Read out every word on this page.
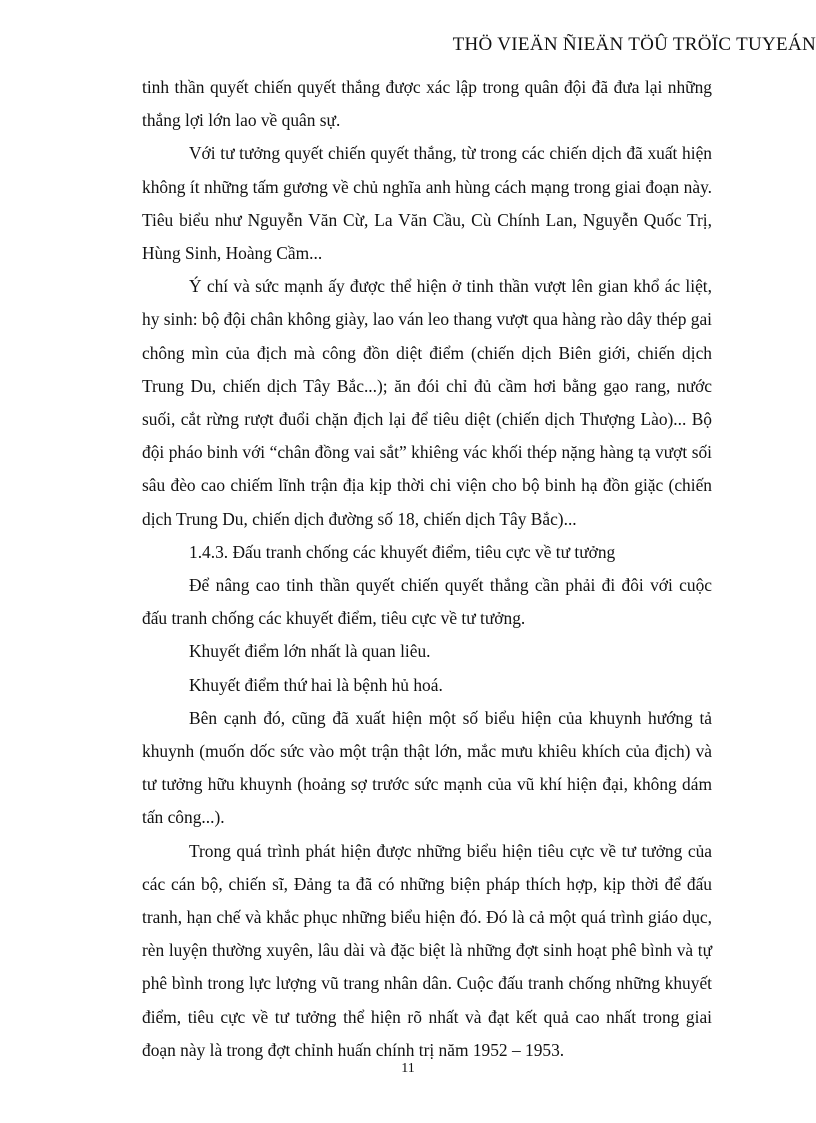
THÖ VIEÄN ÑIEÄN TÖÛ TRÖÏC TUYEÁN

tinh thần quyết chiến quyết thắng được xác lập trong quân đội đã đưa lại những thắng lợi lớn lao về quân sự.

Với tư tưởng quyết chiến quyết thắng, từ trong các chiến dịch đã xuất hiện không ít những tấm gương về chủ nghĩa anh hùng cách mạng trong giai đoạn này. Tiêu biểu như Nguyễn Văn Cừ, La Văn Cầu, Cù Chính Lan, Nguyễn Quốc Trị, Hùng Sinh, Hoàng Cầm...

Ý chí và sức mạnh ấy được thể hiện ở tinh thần vượt lên gian khổ ác liệt, hy sinh: bộ đội chân không giày, lao ván leo thang vượt qua hàng rào dây thép gai chông mìn của địch mà công đồn diệt điểm (chiến dịch Biên giới, chiến dịch Trung Du, chiến dịch Tây Bắc...); ăn đói chỉ đủ cầm hơi bằng gạo rang, nước suối, cắt rừng rượt đuổi chặn địch lại để tiêu diệt (chiến dịch Thượng Lào)... Bộ đội pháo binh với “chân đồng vai sắt” khiêng vác khối thép nặng hàng tạ vượt sối sâu đèo cao chiếm lĩnh trận địa kịp thời chi viện cho bộ binh hạ đồn giặc (chiến dịch Trung Du, chiến dịch đường số 18, chiến dịch Tây Bắc)...

1.4.3. Đấu tranh chống các khuyết điểm, tiêu cực về tư tưởng

Để nâng cao tinh thần quyết chiến quyết thắng cần phải đi đôi với cuộc đấu tranh chống các khuyết điểm, tiêu cực về tư tưởng.

Khuyết điểm lớn nhất là quan liêu.

Khuyết điểm thứ hai là bệnh hủ hoá.

Bên cạnh đó, cũng đã xuất hiện một số biểu hiện của khuynh hướng tả khuynh (muốn dốc sức vào một trận thật lớn, mắc mưu khiêu khích của địch) và tư tưởng hữu khuynh (hoảng sợ trước sức mạnh của vũ khí hiện đại, không dám tấn công...).

Trong quá trình phát hiện được những biểu hiện tiêu cực về tư tưởng của các cán bộ, chiến sĩ, Đảng ta đã có những biện pháp thích hợp, kịp thời để đấu tranh, hạn chế và khắc phục những biểu hiện đó. Đó là cả một quá trình giáo dục, rèn luyện thường xuyên, lâu dài và đặc biệt là những đợt sinh hoạt phê bình và tự phê bình trong lực lượng vũ trang nhân dân. Cuộc đấu tranh chống những khuyết điểm, tiêu cực về tư tưởng thể hiện rõ nhất và đạt kết quả cao nhất trong giai đoạn này là trong đợt chỉnh huấn chính trị năm 1952 – 1953.

11
